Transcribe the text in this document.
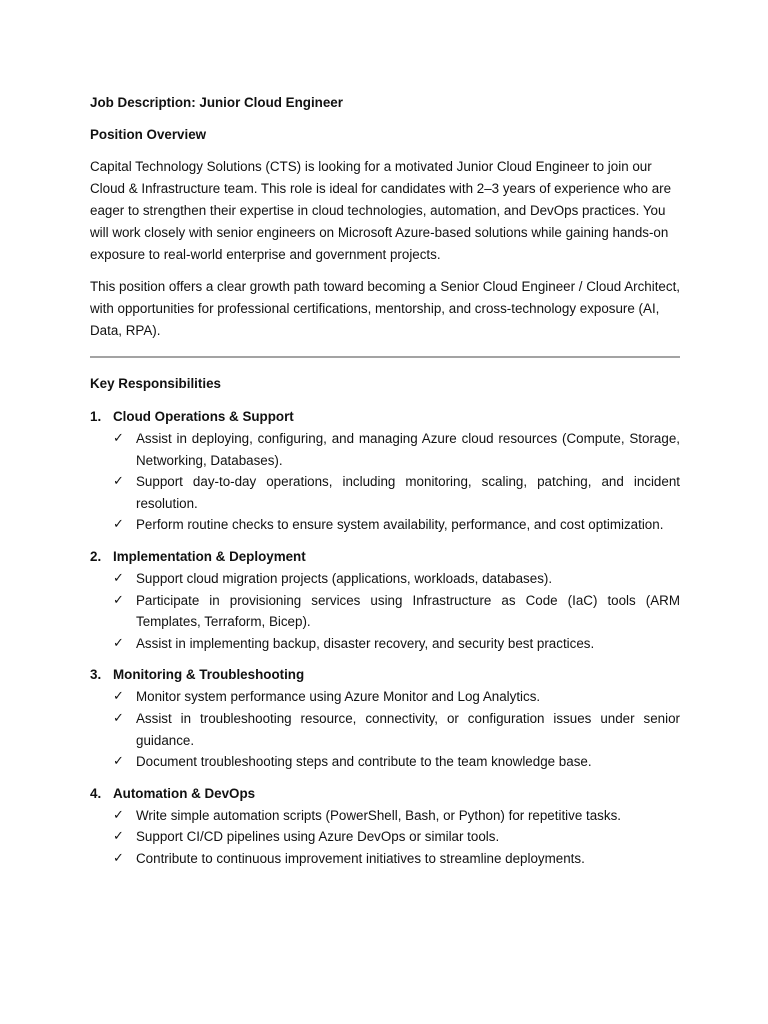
Job Description: Junior Cloud Engineer

Position Overview

Capital Technology Solutions (CTS) is looking for a motivated Junior Cloud Engineer to join our Cloud & Infrastructure team. This role is ideal for candidates with 2–3 years of experience who are eager to strengthen their expertise in cloud technologies, automation, and DevOps practices. You will work closely with senior engineers on Microsoft Azure-based solutions while gaining hands-on exposure to real-world enterprise and government projects.

This position offers a clear growth path toward becoming a Senior Cloud Engineer / Cloud Architect, with opportunities for professional certifications, mentorship, and cross-technology exposure (AI, Data, RPA).

Key Responsibilities

1. Cloud Operations & Support

✓ Assist in deploying, configuring, and managing Azure cloud resources (Compute, Storage, Networking, Databases).
✓ Support day-to-day operations, including monitoring, scaling, patching, and incident resolution.
✓ Perform routine checks to ensure system availability, performance, and cost optimization.

2. Implementation & Deployment

✓ Support cloud migration projects (applications, workloads, databases).
✓ Participate in provisioning services using Infrastructure as Code (IaC) tools (ARM Templates, Terraform, Bicep).
✓ Assist in implementing backup, disaster recovery, and security best practices.

3. Monitoring & Troubleshooting

✓ Monitor system performance using Azure Monitor and Log Analytics.
✓ Assist in troubleshooting resource, connectivity, or configuration issues under senior guidance.
✓ Document troubleshooting steps and contribute to the team knowledge base.

4. Automation & DevOps

✓ Write simple automation scripts (PowerShell, Bash, or Python) for repetitive tasks.
✓ Support CI/CD pipelines using Azure DevOps or similar tools.
✓ Contribute to continuous improvement initiatives to streamline deployments.
